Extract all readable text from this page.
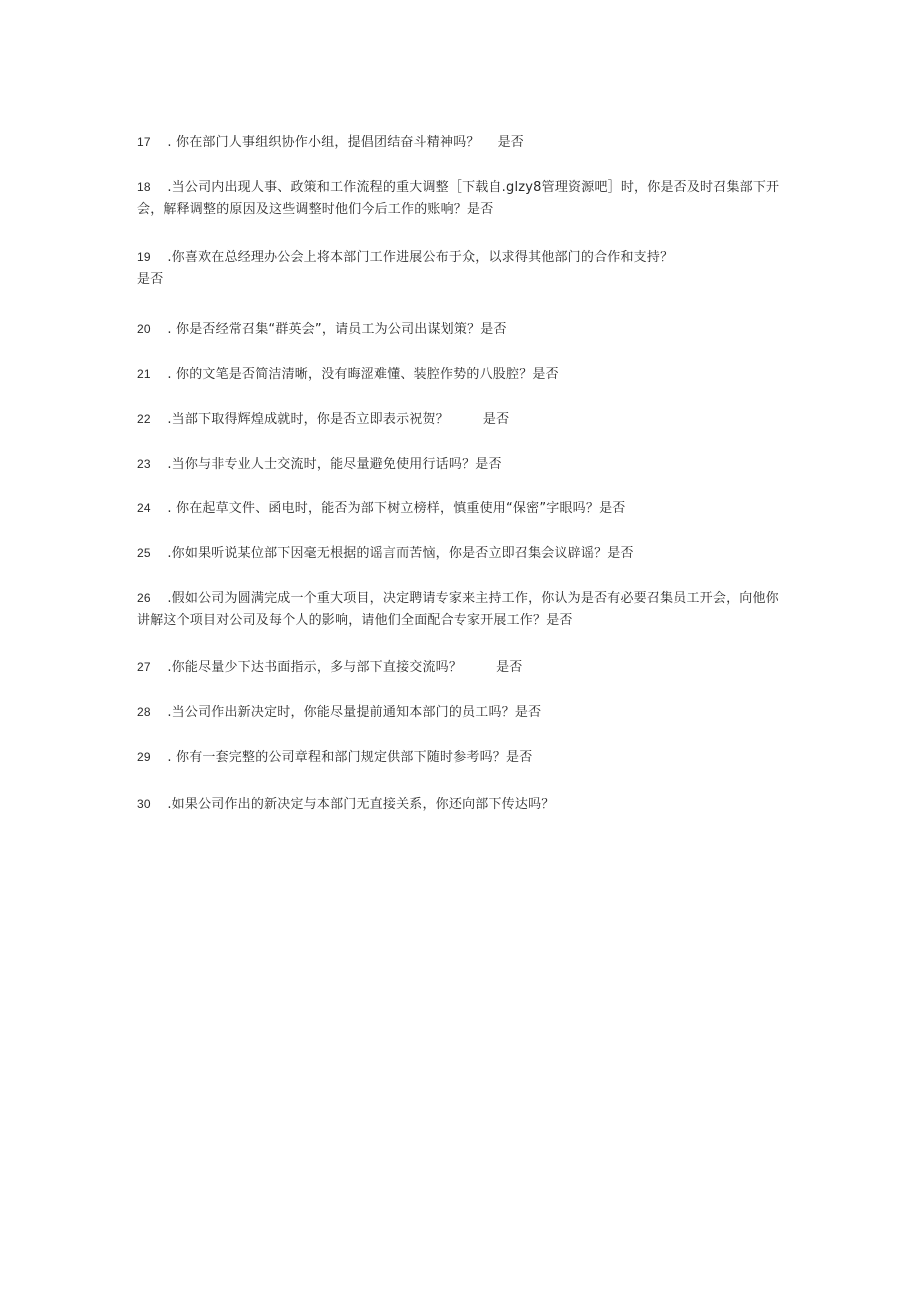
17 . 你在部门人事组织协作小组，提倡团结奋斗精神吗？ 是否
18 .当公司内出现人事、政策和工作流程的重大调整［下载自.glzy8管理资源吧］时，你是否及时召集部下开会，解释调整的原因及这些调整时他们今后工作的账响？是否
19 .你喜欢在总经理办公会上将本部门工作进展公布于众，以求得其他部门的合作和支持？
是否
20 . 你是否经常召集“群英会”，请员工为公司出谋划策？是否
21 . 你的文笔是否简洁清晰，没有晦涩难懂、装腔作势的八股腔？是否
22 .当部下取得辉煌成就时，你是否立即表示祝贺？	是否
23 .当你与非专业人士交流时，能尽量避免使用行话吗？是否
24 . 你在起草文件、函电时，能否为部下树立榜样，慎重使用“保密”字眼吗？是否
25 .你如果听说某位部下因毫无根据的谣言而苦恼，你是否立即召集会议辟谣？是否
26 .假如公司为圆满完成一个重大项目，决定聘请专家来主持工作，你认为是否有必要召集员工开会，向他你讲解这个项目对公司及每个人的影响，请他们全面配合专家开展工作？是否
27 .你能尽量少下达书面指示，多与部下直接交流吗？	是否
28 .当公司作出新决定时，你能尽量提前通知本部门的员工吗？是否
29 . 你有一套完整的公司章程和部门规定供部下随时参考吗？是否
30 .如果公司作出的新决定与本部门无直接关系，你还向部下传达吗？
